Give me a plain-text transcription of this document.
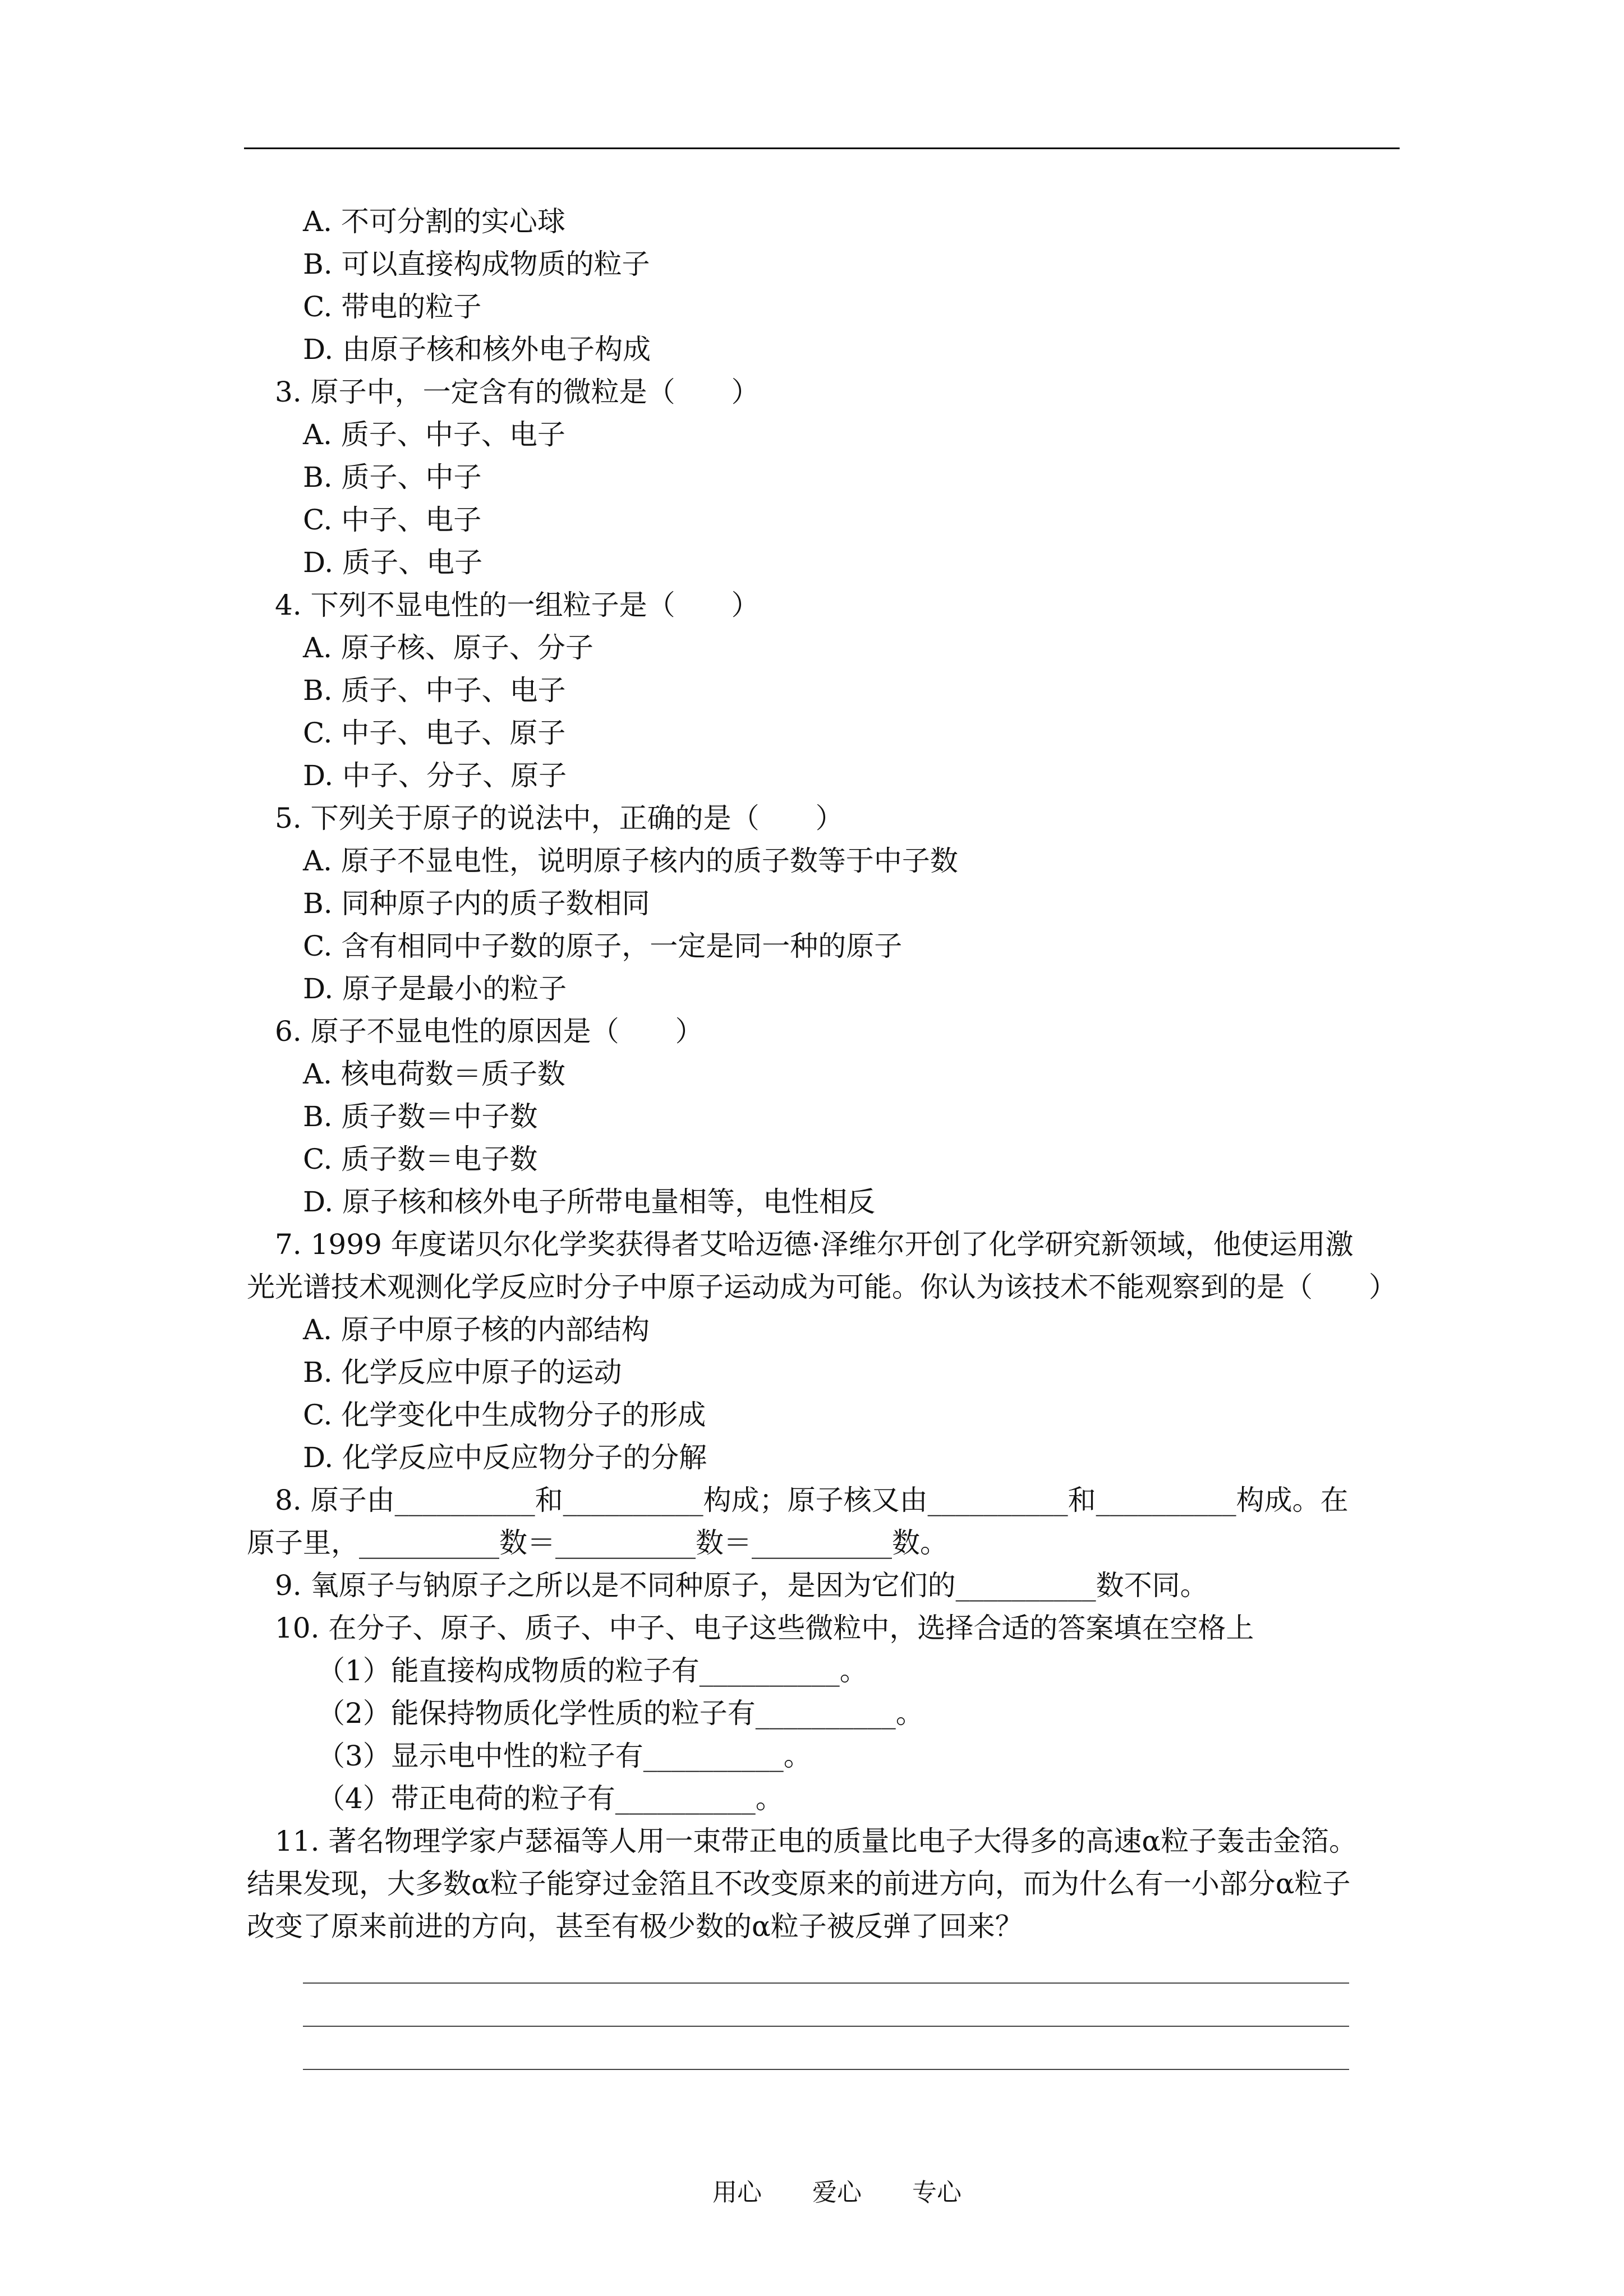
A. 不可分割的实心球
B. 可以直接构成物质的粒子
C. 带电的粒子
D. 由原子核和核外电子构成
3. 原子中，一定含有的微粒是（　　）
A. 质子、中子、电子
B. 质子、中子
C. 中子、电子
D. 质子、电子
4. 下列不显电性的一组粒子是（　　）
A. 原子核、原子、分子
B. 质子、中子、电子
C. 中子、电子、原子
D. 中子、分子、原子
5. 下列关于原子的说法中，正确的是（　　）
A. 原子不显电性，说明原子核内的质子数等于中子数
B. 同种原子内的质子数相同
C. 含有相同中子数的原子，一定是同一种的原子
D. 原子是最小的粒子
6. 原子不显电性的原因是（　　）
A. 核电荷数＝质子数
B. 质子数＝中子数
C. 质子数＝电子数
D. 原子核和核外电子所带电量相等，电性相反
7. 1999 年度诺贝尔化学奖获得者艾哈迈德·泽维尔开创了化学研究新领域，他使运用激
光光谱技术观测化学反应时分子中原子运动成为可能。你认为该技术不能观察到的是（　　）
A. 原子中原子核的内部结构
B. 化学反应中原子的运动
C. 化学变化中生成物分子的形成
D. 化学反应中反应物分子的分解
8. 原子由__________和__________构成；原子核又由__________和__________构成。在
原子里，__________数＝__________数＝__________数。
9. 氧原子与钠原子之所以是不同种原子，是因为它们的__________数不同。
10. 在分子、原子、质子、中子、电子这些微粒中，选择合适的答案填在空格上
（1）能直接构成物质的粒子有__________。
（2）能保持物质化学性质的粒子有__________。
（3）显示电中性的粒子有__________。
（4）带正电荷的粒子有__________。
11. 著名物理学家卢瑟福等人用一束带正电的质量比电子大得多的高速α粒子轰击金箔。
结果发现，大多数α粒子能穿过金箔且不改变原来的前进方向，而为什么有一小部分α粒子
改变了原来前进的方向，甚至有极少数的α粒子被反弹了回来？

用心 爱心 专心
